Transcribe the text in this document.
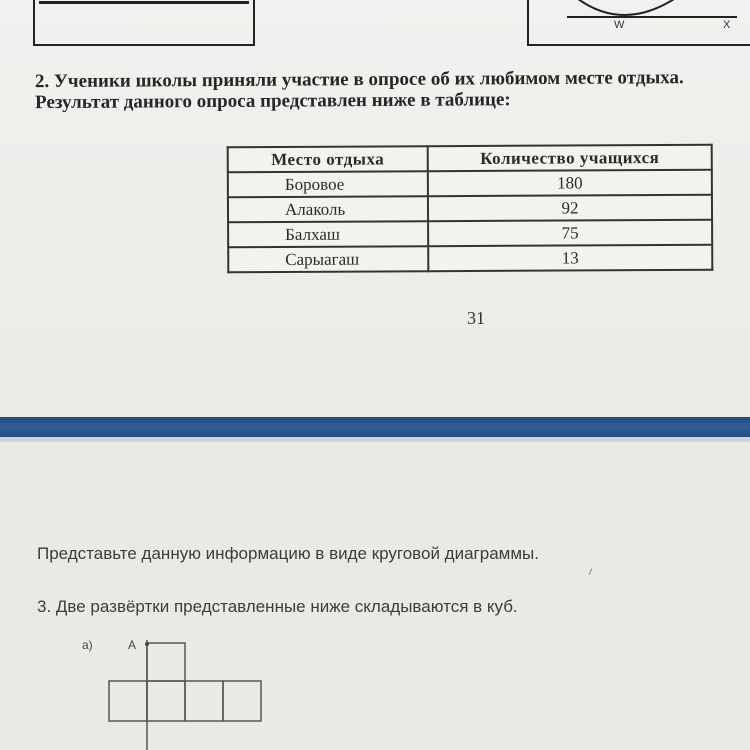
W	X
2. Ученики школы приняли участие в опросе об их любимом месте отдыха. Результат данного опроса представлен ниже в таблице:
Место отдыха	Количество учащихся
Боровое	180
Алаколь	92
Балхаш	75
Сарыагаш	13
31
Представьте данную информацию в виде круговой диаграммы.
3. Две развёртки представленные ниже складываются в куб.
а)	A
